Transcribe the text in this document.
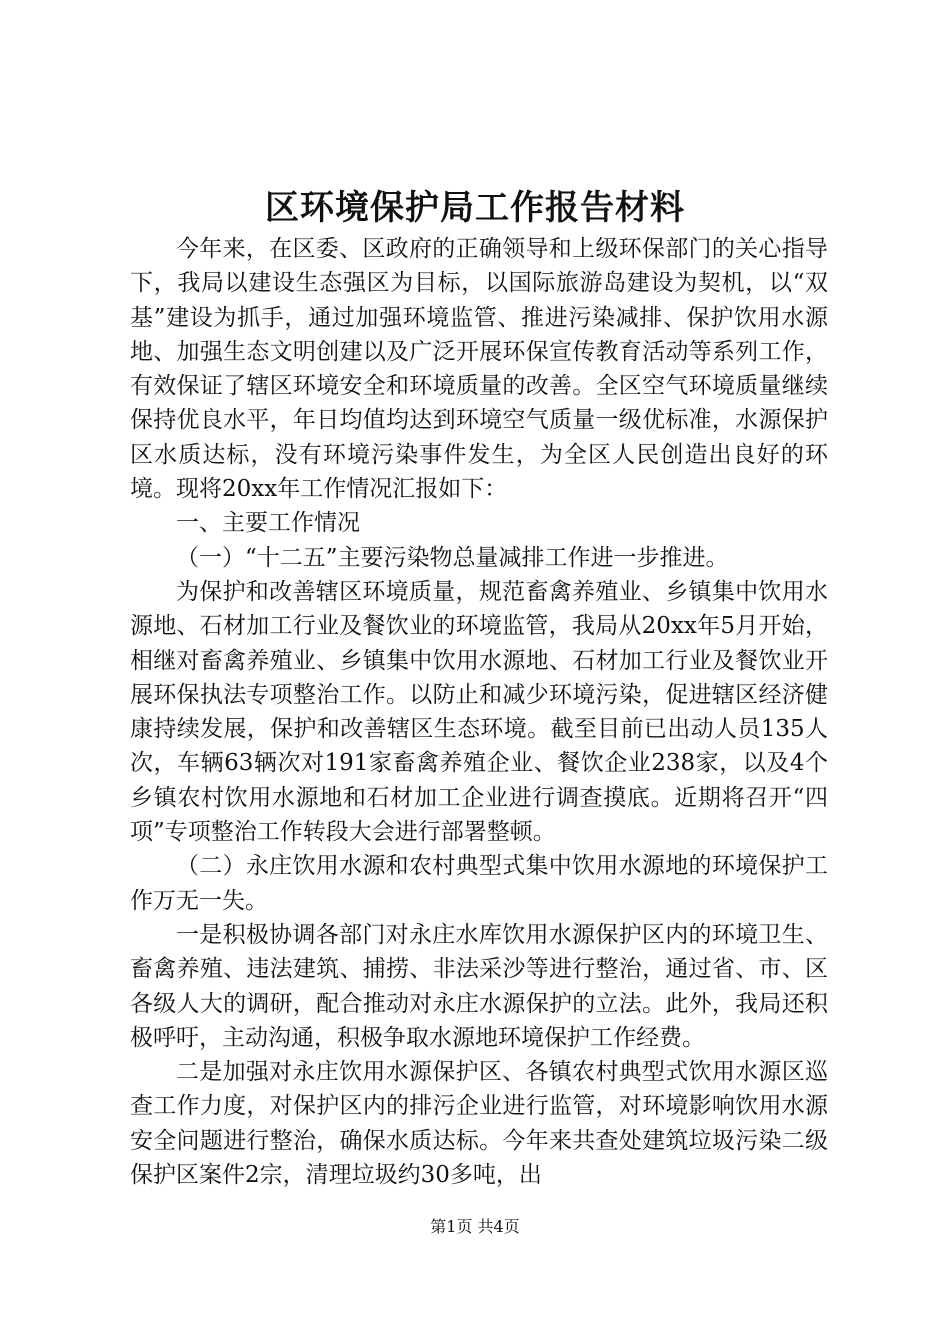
区环境保护局工作报告材料

今年来，在区委、区政府的正确领导和上级环保部门的关心指导下，我局以建设生态强区为目标，以国际旅游岛建设为契机，以“双基”建设为抓手，通过加强环境监管、推进污染减排、保护饮用水源地、加强生态文明创建以及广泛开展环保宣传教育活动等系列工作，有效保证了辖区环境安全和环境质量的改善。全区空气环境质量继续保持优良水平，年日均值均达到环境空气质量一级优标准，水源保护区水质达标，没有环境污染事件发生，为全区人民创造出良好的环境。现将20xx年工作情况汇报如下：

一、主要工作情况

（一）“十二五”主要污染物总量减排工作进一步推进。

为保护和改善辖区环境质量，规范畜禽养殖业、乡镇集中饮用水源地、石材加工行业及餐饮业的环境监管，我局从20xx年5月开始，相继对畜禽养殖业、乡镇集中饮用水源地、石材加工行业及餐饮业开展环保执法专项整治工作。以防止和减少环境污染，促进辖区经济健康持续发展，保护和改善辖区生态环境。截至目前已出动人员135人次，车辆63辆次对191家畜禽养殖企业、餐饮企业238家，以及4个乡镇农村饮用水源地和石材加工企业进行调查摸底。近期将召开“四项”专项整治工作转段大会进行部署整顿。

（二）永庄饮用水源和农村典型式集中饮用水源地的环境保护工作万无一失。

一是积极协调各部门对永庄水库饮用水源保护区内的环境卫生、畜禽养殖、违法建筑、捕捞、非法采沙等进行整治，通过省、市、区各级人大的调研，配合推动对永庄水源保护的立法。此外，我局还积极呼吁，主动沟通，积极争取水源地环境保护工作经费。

二是加强对永庄饮用水源保护区、各镇农村典型式饮用水源区巡查工作力度，对保护区内的排污企业进行监管，对环境影响饮用水源安全问题进行整治，确保水质达标。今年来共查处建筑垃圾污染二级保护区案件2宗，清理垃圾约30多吨，出

第1页 共4页
